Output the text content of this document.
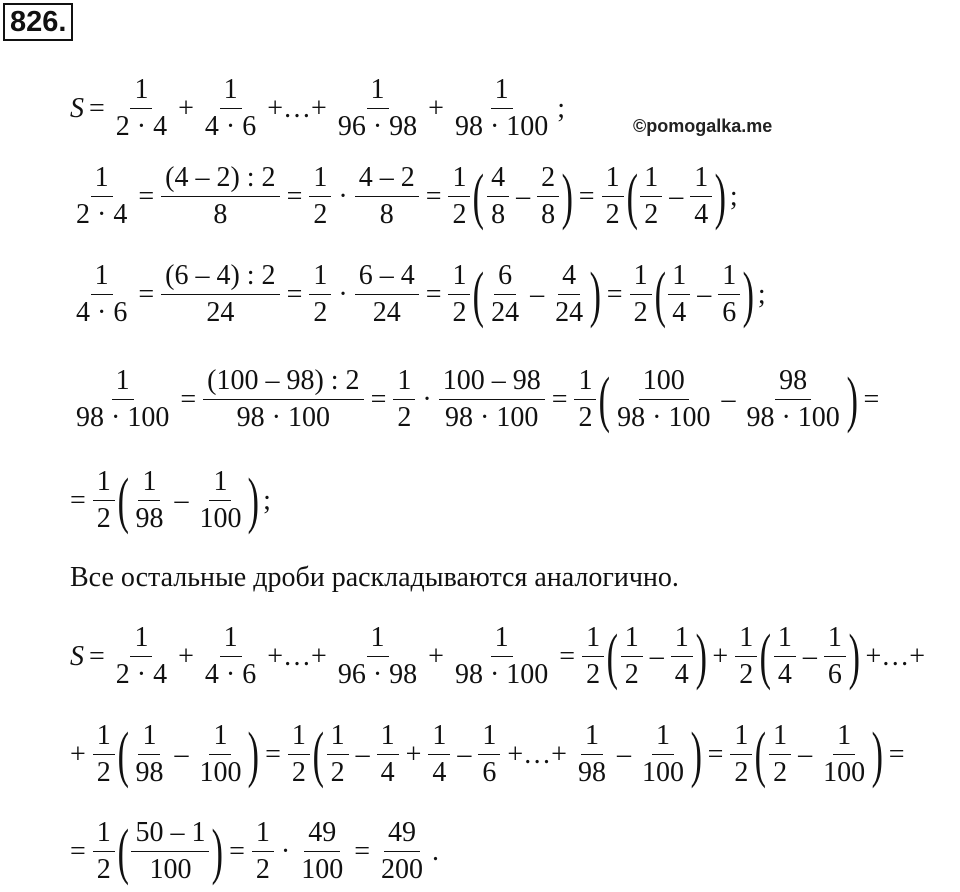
826.
©pomogalka.me
$S = \frac{1}{2 \cdot 4} + \frac{1}{4 \cdot 6}$ +…+ $\frac{1}{96 \cdot 98} + \frac{1}{98 \cdot 100}$ ;
$\frac{1}{2 \cdot 4} = \frac{(4 - 2) : 2}{8} = \frac{1}{2} \cdot \frac{4 - 2}{8} = \frac{1}{2}$ ( $\frac{4}{8} - \frac{2}{8}$ ) = $\frac{1}{2}$ ( $\frac{1}{2} - \frac{1}{4}$ ) ;
$\frac{1}{4 \cdot 6} = \frac{(6 - 4) : 2}{24} = \frac{1}{2} \cdot \frac{6 - 4}{24} = \frac{1}{2}$ ( $\frac{6}{24} - \frac{4}{24}$ ) = $\frac{1}{2}$ ( $\frac{1}{4} - \frac{1}{6}$ ) ;
$\frac{1}{98 \cdot 100} = \frac{(100 - 98) : 2}{98 \cdot 100} = \frac{1}{2} \cdot \frac{100 - 98}{98 \cdot 100} = \frac{1}{2}$ ( $\frac{100}{98 \cdot 100} - \frac{98}{98 \cdot 100}$ ) =
= $\frac{1}{2}$ ( $\frac{1}{98} - \frac{1}{100}$ ) ;
Все остальные дроби раскладываются аналогично.
$S = \frac{1}{2 \cdot 4} + \frac{1}{4 \cdot 6}$ +…+ $\frac{1}{96 \cdot 98} + \frac{1}{98 \cdot 100} = \frac{1}{2}$ ( $\frac{1}{2} - \frac{1}{4}$ ) + $\frac{1}{2}$ ( $\frac{1}{4} - \frac{1}{6}$ ) +…+
+ $\frac{1}{2}$ ( $\frac{1}{98} - \frac{1}{100}$ ) = $\frac{1}{2}$ ( $\frac{1}{2} - \frac{1}{4} + \frac{1}{4} - \frac{1}{6}$ +…+ $\frac{1}{98} - \frac{1}{100}$ ) = $\frac{1}{2}$ ( $\frac{1}{2} - \frac{1}{100}$ ) =
= $\frac{1}{2}$ ( $\frac{50 - 1}{100}$ ) = $\frac{1}{2} \cdot \frac{49}{100} = \frac{49}{200}$ .
